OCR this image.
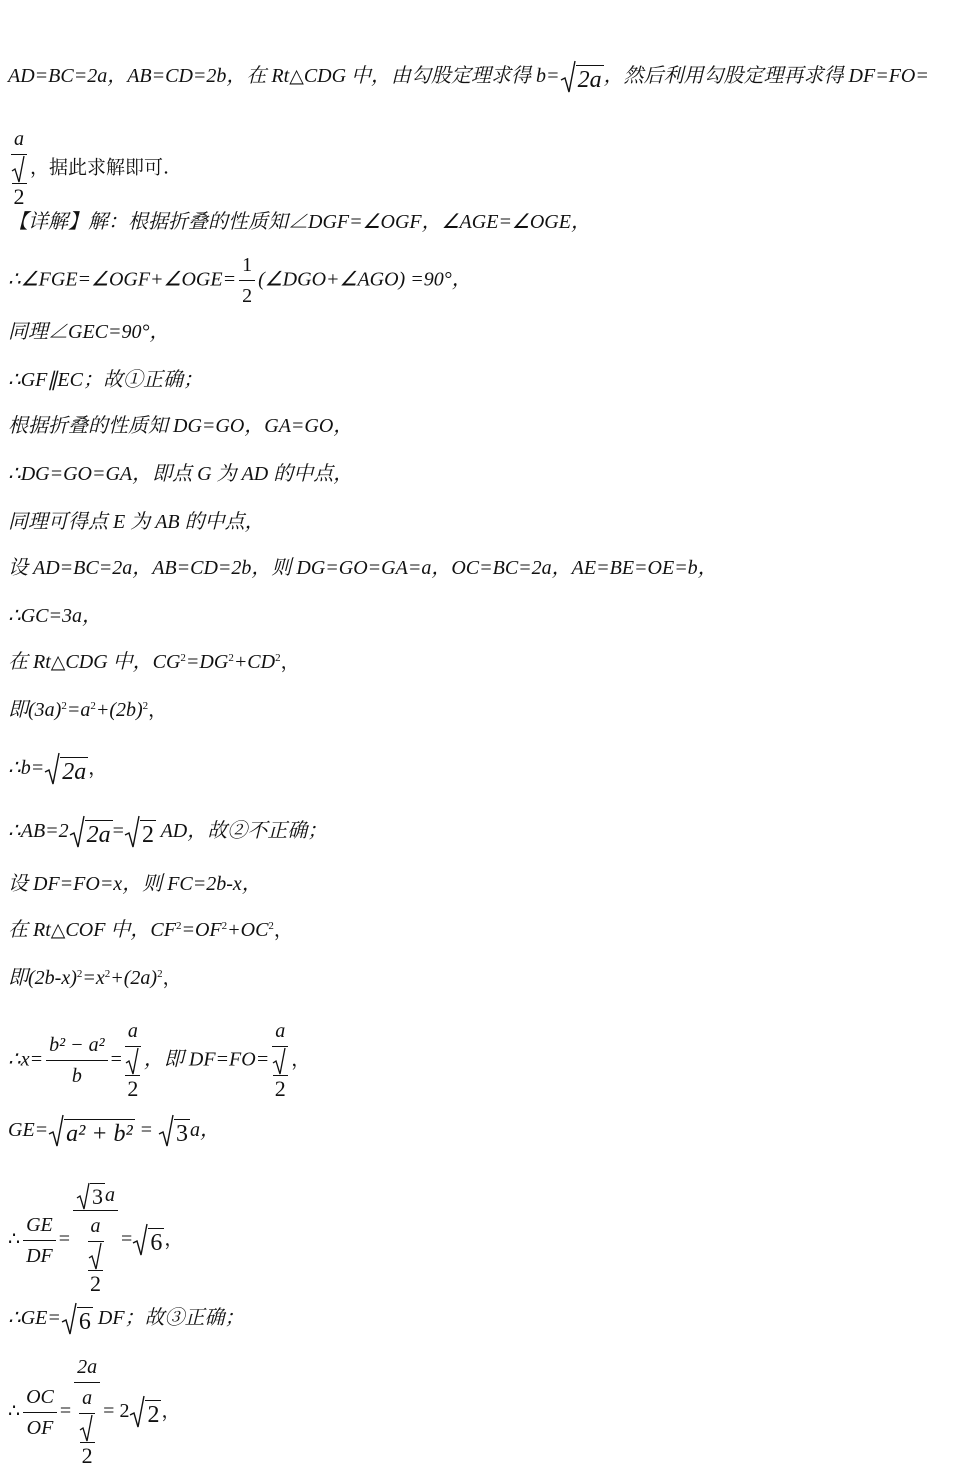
AD=BC=2a，AB=CD=2b，在 Rt△CDG 中，由勾股定理求得 b= 2a ，然后利用勾股定理再求得 DF=FO=
$\frac{a}{2}$ ，据此求解即可.
【详解】解：根据折叠的性质知∠DGF=∠OGF，∠AGE=∠OGE，
∴∠FGE=∠OGF+∠OGE= $\frac{1}{2}$ (∠DGO+∠AGO) =90°，
同理∠GEC=90°，
∴GF∥EC；故①正确；
根据折叠的性质知 DG=GO，GA=GO，
∴DG=GO=GA，即点 G 为 AD 的中点，
同理可得点 E 为 AB 的中点，
设 AD=BC=2a，AB=CD=2b，则 DG=GO=GA=a，OC=BC=2a，AE=BE=OE=b，
∴GC=3a，
在 Rt△CDG 中，$CG^2=DG^2+CD^2$，
即$(3a)^2=a^2+(2b)^2$，
∴b= 2a ，
∴AB=2 2a = 2 AD，故②不正确；
设 DF=FO=x，则 FC=2b-x，
在 Rt△COF 中，$CF^2=OF^2+OC^2$，
即$(2b-x)^2=x^2+(2a)^2$，
∴x= $\frac{\text{b² − a²}}{b} = \frac{a}{2}$ ，即 $DF=FO= \frac{a}{2}$ ，
GE= a² + b² = 3 a，
∴ $\frac{GE}{DF} = \frac{3 a}{\frac{a}{2}} = 6$ ，
∴GE= 6 DF；故③正确；
∴ $\frac{OC}{OF} = \frac{2a}{\frac{a}{2}} = 2$ 2 ，
